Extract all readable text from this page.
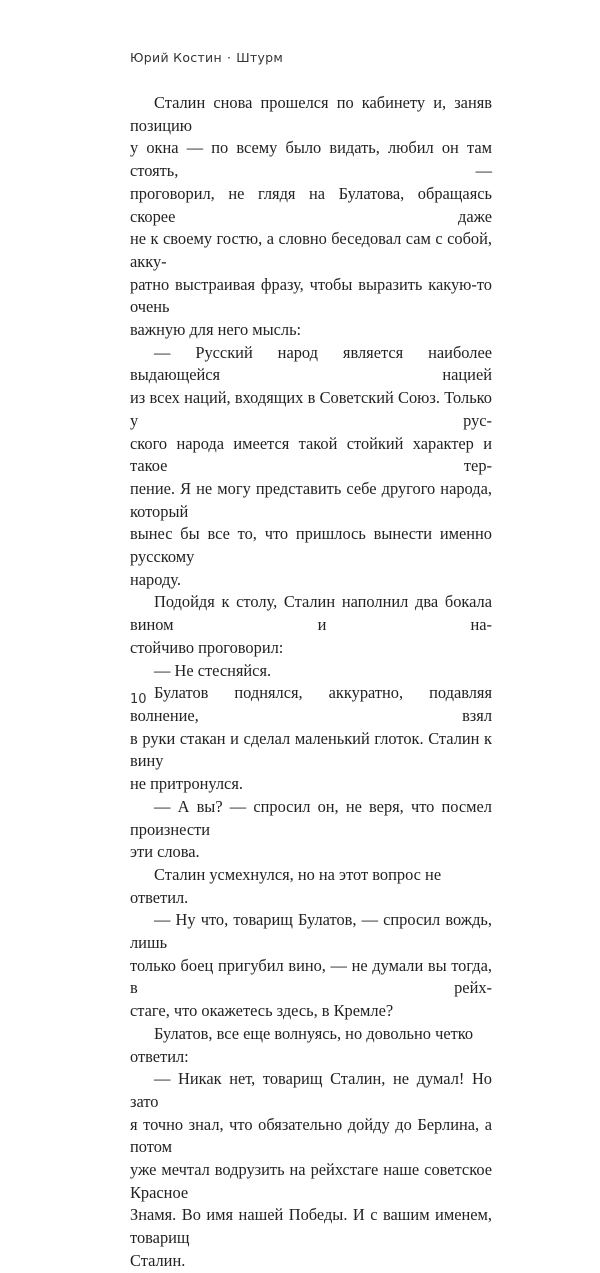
Юрий Костин · Штурм

Сталин снова прошелся по кабинету и, заняв позицию
у окна — по всему было видать, любил он там стоять, —
проговорил, не глядя на Булатова, обращаясь скорее даже
не к своему гостю, а словно беседовал сам с собой, акку-
ратно выстраивая фразу, чтобы выразить какую-то очень

важную для него мысль:

— Русский народ является наиболее выдающейся нацией
из всех наций, входящих в Советский Союз. Только у рус-
ского народа имеется такой стойкий характер и такое тер-
пение. Я не могу представить себе другого народа, который
вынес бы все то, что пришлось вынести именно русскому

народу.

Подойдя к столу, Сталин наполнил два бокала вином и на-

стойчиво проговорил:

— Не стесняйся.

Булатов поднялся, аккуратно, подавляя волнение, взял
в руки стакан и сделал маленький глоток. Сталин к вину

не притронулся.

— А вы? — спросил он, не веря, что посмел произнести

эти слова.

Сталин усмехнулся, но на этот вопрос не ответил.

— Ну что, товарищ Булатов, — спросил вождь, лишь
только боец пригубил вино, — не думали вы тогда, в рейх-

стаге, что окажетесь здесь, в Кремле?

Булатов, все еще волнуясь, но довольно четко ответил:

— Никак нет, товарищ Сталин, не думал! Но зато
я точно знал, что обязательно дойду до Берлина, а потом
уже мечтал водрузить на рейхстаге наше советское Красное
Знамя. Во имя нашей Победы. И с вашим именем, товарищ

Сталин.

10
